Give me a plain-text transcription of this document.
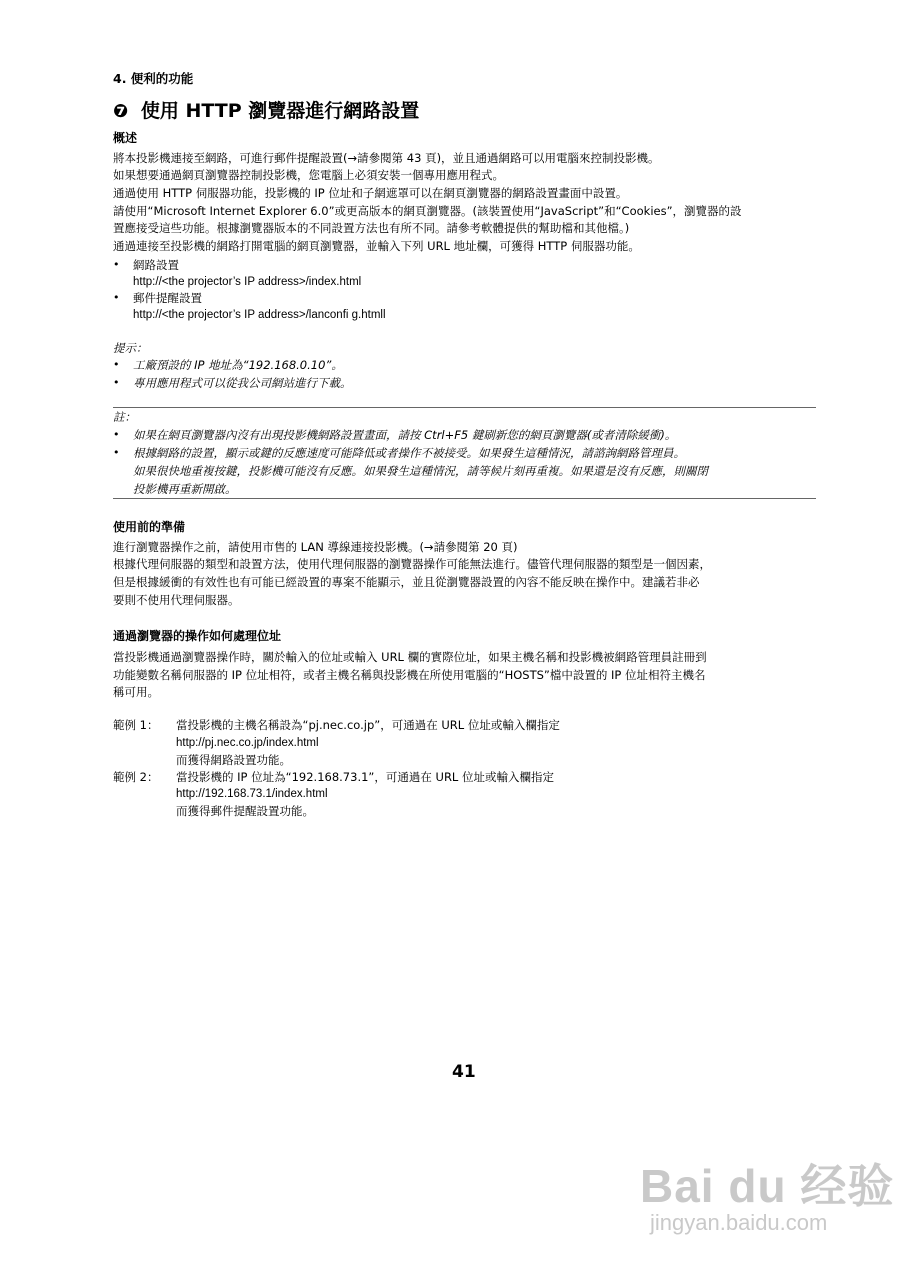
4. 便利的功能
❼ 使用 HTTP 瀏覽器進行網路設置
概述
將本投影機連接至網路，可進行郵件提醒設置(→請參閱第 43 頁)，並且通過網路可以用電腦來控制投影機。
如果想要通過網頁瀏覽器控制投影機，您電腦上必須安裝一個專用應用程式。
通過使用 HTTP 伺服器功能，投影機的 IP 位址和子網遮罩可以在網頁瀏覽器的網路設置畫面中設置。
請使用“Microsoft Internet Explorer 6.0”或更高版本的網頁瀏覽器。(該裝置使用“JavaScript”和“Cookies”，瀏覽器的設
置應接受這些功能。根據瀏覽器版本的不同設置方法也有所不同。請參考軟體提供的幫助檔和其他檔。)
通過連接至投影機的網路打開電腦的網頁瀏覽器，並輸入下列 URL 地址欄，可獲得 HTTP 伺服器功能。
•	網路設置
http://<the projector’s IP address>/index.html
•	郵件提醒設置
http://<the projector’s IP address>/lanconfi g.htmll
提示：
•	工廠預設的 IP 地址為“192.168.0.10”。
•	專用應用程式可以從我公司網站進行下載。
註：
•	如果在網頁瀏覽器內沒有出現投影機網路設置畫面，請按 Ctrl+F5 鍵刷新您的網頁瀏覽器(或者清除緩衝)。
•	根據網路的設置，顯示或鍵的反應速度可能降低或者操作不被接受。如果發生這種情況，請諮詢網路管理員。
如果很快地重複按鍵，投影機可能沒有反應。如果發生這種情況，請等候片刻再重複。如果還是沒有反應，則關閉
投影機再重新開啟。
使用前的準備
進行瀏覽器操作之前，請使用市售的 LAN 導線連接投影機。(→請參閱第 20 頁)
根據代理伺服器的類型和設置方法，使用代理伺服器的瀏覽器操作可能無法進行。儘管代理伺服器的類型是一個因素，
但是根據緩衝的有效性也有可能已經設置的專案不能顯示，並且從瀏覽器設置的內容不能反映在操作中。建議若非必
要則不使用代理伺服器。
通過瀏覽器的操作如何處理位址
當投影機通過瀏覽器操作時，關於輸入的位址或輸入 URL 欄的實際位址，如果主機名稱和投影機被網路管理員註冊到
功能變數名稱伺服器的 IP 位址相符，或者主機名稱與投影機在所使用電腦的“HOSTS”檔中設置的 IP 位址相符主機名
稱可用。
範例 1： 當投影機的主機名稱設為“pj.nec.co.jp”，可通過在 URL 位址或輸入欄指定
http://pj.nec.co.jp/index.html
而獲得網路設置功能。
範例 2： 當投影機的 IP 位址為“192.168.73.1”，可通過在 URL 位址或輸入欄指定
http://192.168.73.1/index.html
而獲得郵件提醒設置功能。
41
Bai du 经验
jingyan.baidu.com
